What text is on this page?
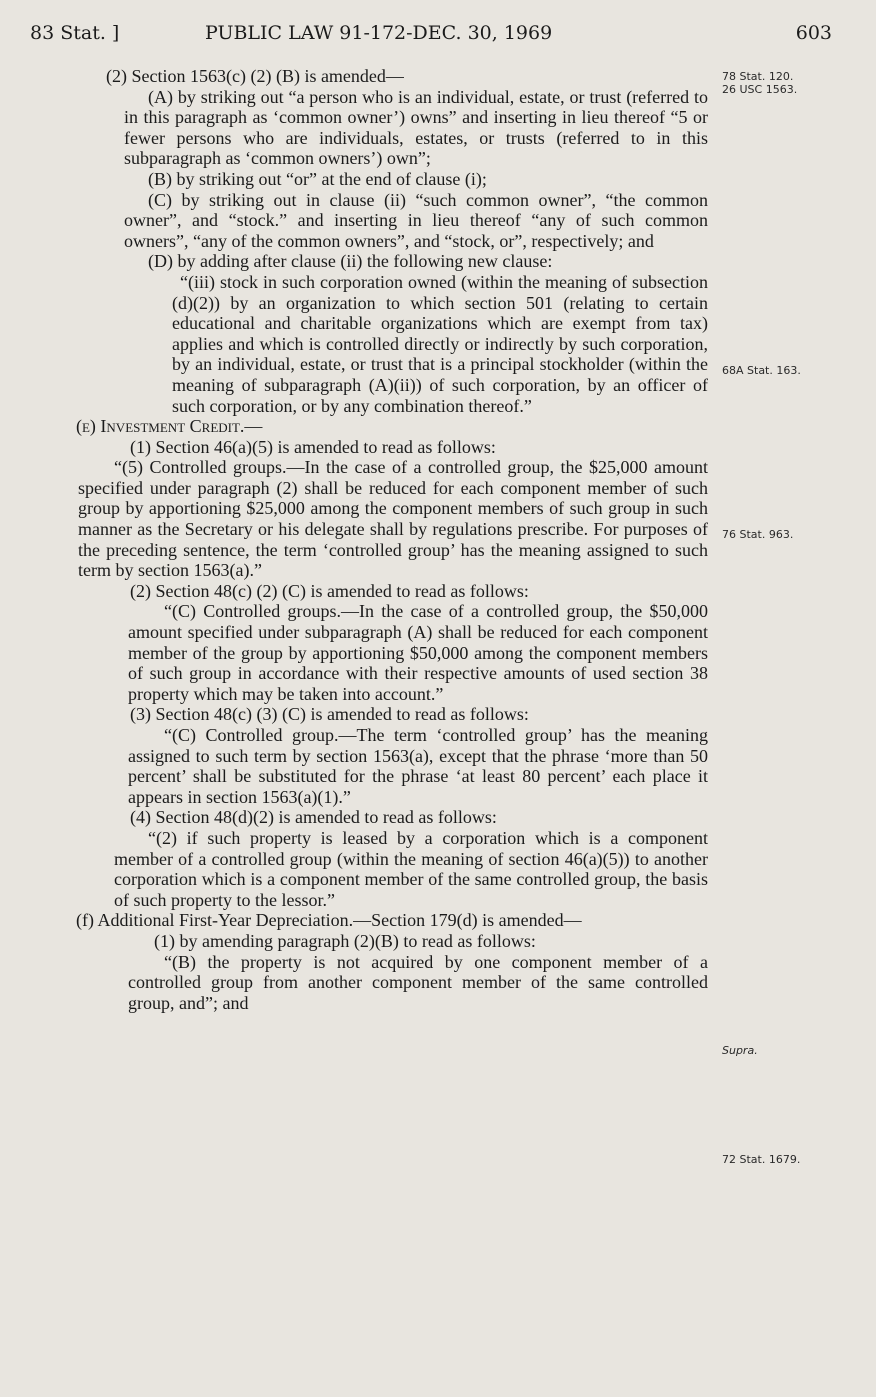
83 Stat. ]	PUBLIC LAW 91-172-DEC. 30, 1969	603

(2) Section 1563(c) (2) (B) is amended—

(A) by striking out “a person who is an individual, estate, or trust (referred to in this paragraph as ‘common owner’) owns” and inserting in lieu thereof “5 or fewer persons who are individuals, estates, or trusts (referred to in this subparagraph as ‘common owners’) own”;

(B) by striking out “or” at the end of clause (i);

(C) by striking out in clause (ii) “such common owner”, “the common owner”, and “stock.” and inserting in lieu thereof “any of such common owners”, “any of the common owners”, and “stock, or”, respectively; and

(D) by adding after clause (ii) the following new clause:

“(iii) stock in such corporation owned (within the meaning of subsection (d)(2)) by an organization to which section 501 (relating to certain educational and charitable organizations which are exempt from tax) applies and which is controlled directly or indirectly by such corporation, by an individual, estate, or trust that is a principal stockholder (within the meaning of subparagraph (A)(ii)) of such corporation, by an officer of such corporation, or by any combination thereof.”

(e) Investment Credit.—

(1) Section 46(a)(5) is amended to read as follows:

“(5) Controlled groups.—In the case of a controlled group, the $25,000 amount specified under paragraph (2) shall be reduced for each component member of such group by apportioning $25,000 among the component members of such group in such manner as the Secretary or his delegate shall by regulations prescribe. For purposes of the preceding sentence, the term ‘controlled group’ has the meaning assigned to such term by section 1563(a).”

(2) Section 48(c) (2) (C) is amended to read as follows:

“(C) Controlled groups.—In the case of a controlled group, the $50,000 amount specified under subparagraph (A) shall be reduced for each component member of the group by apportioning $50,000 among the component members of such group in accordance with their respective amounts of used section 38 property which may be taken into account.”

(3) Section 48(c) (3) (C) is amended to read as follows:

“(C) Controlled group.—The term ‘controlled group’ has the meaning assigned to such term by section 1563(a), except that the phrase ‘more than 50 percent’ shall be substituted for the phrase ‘at least 80 percent’ each place it appears in section 1563(a)(1).”

(4) Section 48(d)(2) is amended to read as follows:

“(2) if such property is leased by a corporation which is a component member of a controlled group (within the meaning of section 46(a)(5)) to another corporation which is a component member of the same controlled group, the basis of such property to the lessor.”

(f) Additional First-Year Depreciation.—Section 179(d) is amended—

(1) by amending paragraph (2)(B) to read as follows:

“(B) the property is not acquired by one component member of a controlled group from another component member of the same controlled group, and”; and

78 Stat. 120.
26 USC 1563.
68A Stat. 163.
76 Stat. 963.
Supra.
72 Stat. 1679.
